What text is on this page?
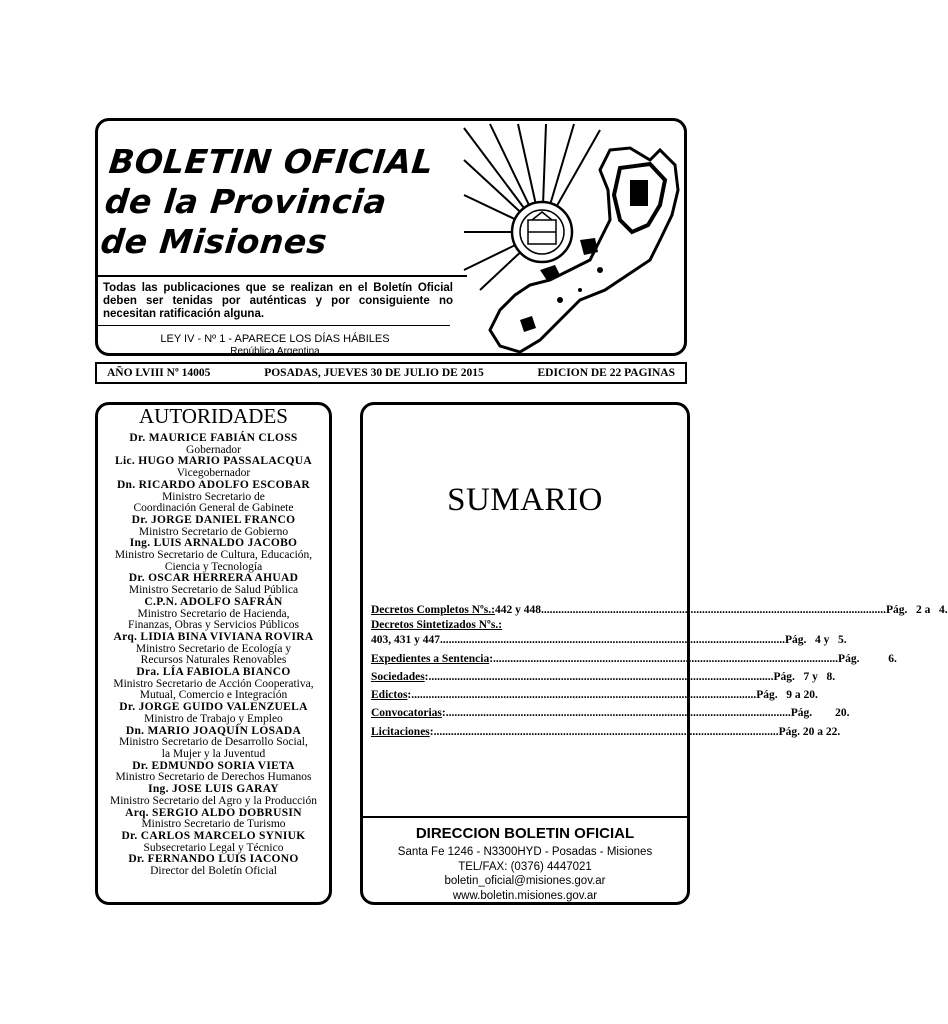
BOLETIN OFICIAL
de la Provincia
de Misiones
Todas las publicaciones que se realizan en el Boletín Oficial deben ser tenidas por auténticas y por consiguiente no necesitan ratificación alguna.
LEY IV - Nº 1 - APARECE LOS DÍAS HÁBILES
República Argentina
AÑO LVIII Nº 14005	POSADAS, JUEVES 30 DE JULIO DE 2015	EDICION DE 22 PAGINAS
AUTORIDADES
Dr. MAURICE FABIÁN CLOSS
Gobernador
Lic. HUGO MARIO PASSALACQUA
Vicegobernador
Dn. RICARDO ADOLFO ESCOBAR
Ministro Secretario de
Coordinación General de Gabinete
Dr. JORGE DANIEL FRANCO
Ministro Secretario de Gobierno
Ing. LUIS ARNALDO JACOBO
Ministro Secretario de Cultura, Educación,
Ciencia y Tecnología
Dr. OSCAR HERRERA AHUAD
Ministro Secretario de Salud Pública
C.P.N. ADOLFO SAFRÁN
Ministro Secretario de Hacienda,
Finanzas, Obras y Servicios Públicos
Arq. LIDIA BINA VIVIANA ROVIRA
Ministro Secretario de Ecología y
Recursos Naturales Renovables
Dra. LÍA FABIOLA BIANCO
Ministro Secretario de Acción Cooperativa,
Mutual, Comercio e Integración
Dr. JORGE GUIDO VALENZUELA
Ministro de Trabajo y Empleo
Dn. MARIO JOAQUÍN LOSADA
Ministro Secretario de Desarrollo Social,
la Mujer y la Juventud
Dr. EDMUNDO SORIA VIETA
Ministro Secretario de Derechos Humanos
Ing. JOSE LUIS GARAY
Ministro Secretario del Agro y la Producción
Arq. SERGIO ALDO DOBRUSIN
Ministro Secretario de Turismo
Dr. CARLOS MARCELO SYNIUK
Subsecretario Legal y Técnico
Dr. FERNANDO LUIS IACONO
Director del Boletín Oficial
SUMARIO
Decretos Completos Nºs.: 442 y 448 ........................................................................................................................ Pág.   2 a   4.
Decretos Sintetizados Nºs.:
403, 431 y 447 ........................................................................................................................ Pág.   4 y   5.
Expedientes a Sentencia : ........................................................................................................................ Pág.          6.
Sociedades : ........................................................................................................................ Pág.   7 y   8.
Edictos : ........................................................................................................................ Pág.   9 a 20.
Convocatorias : ........................................................................................................................ Pág.        20.
Licitaciones : ........................................................................................................................ Pág. 20 a 22.
DIRECCION BOLETIN OFICIAL
Santa Fe 1246 - N3300HYD - Posadas - Misiones
TEL/FAX: (0376) 4447021
boletin_oficial@misiones.gov.ar
www.boletin.misiones.gov.ar
